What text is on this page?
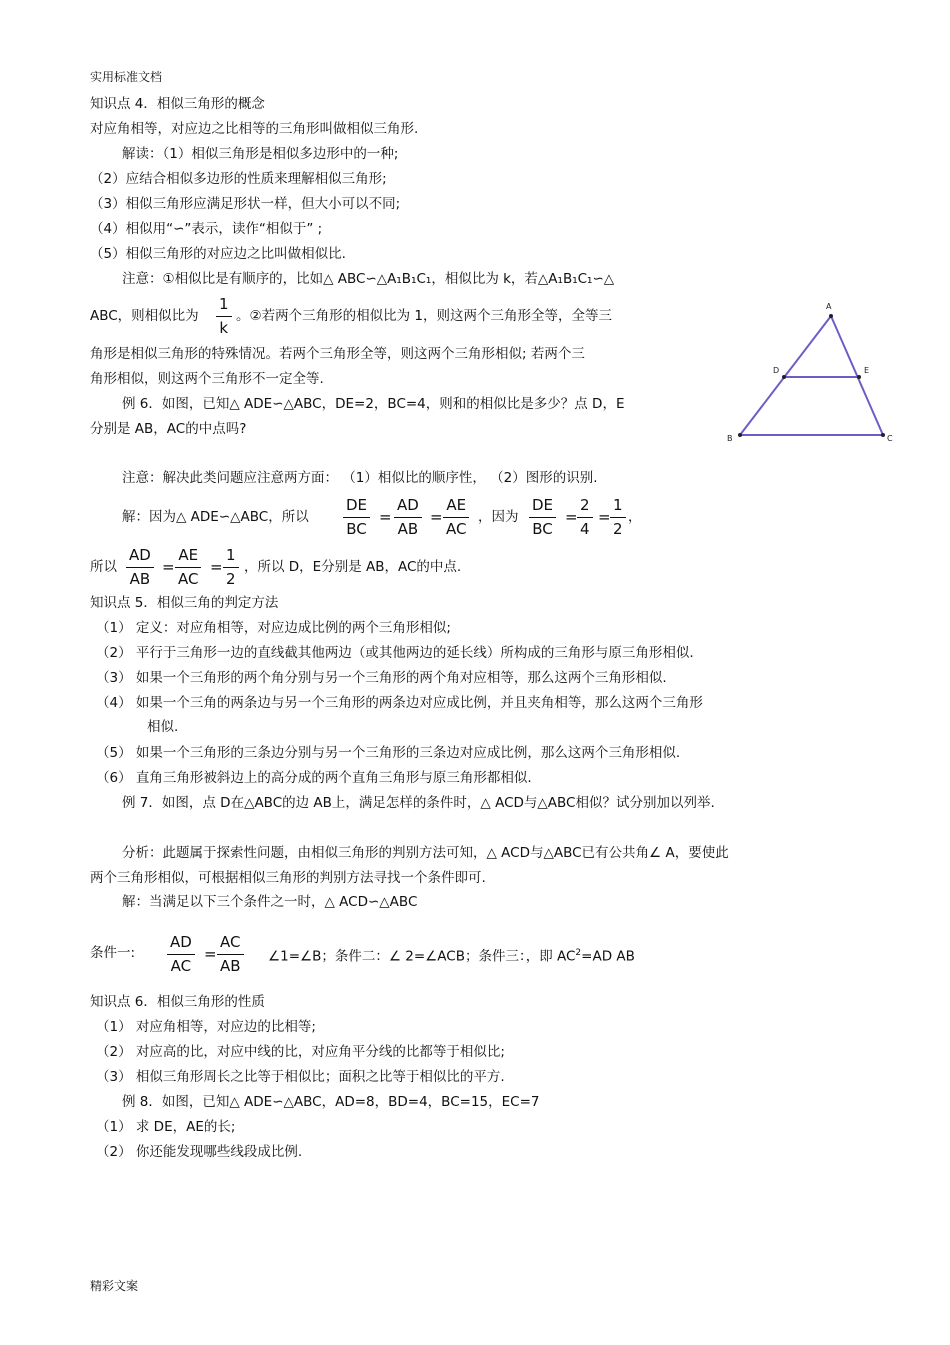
实用标准文档
知识点 4．相似三角形的概念
对应角相等，对应边之比相等的三角形叫做相似三角形.
解读：（1）相似三角形是相似多边形中的一种;
（2）应结合相似多边形的性质来理解相似三角形;
（3）相似三角形应满足形状一样，但大小可以不同;
（4）相似用“∽”表示，读作“相似于” ;
（5）相似三角形的对应边之比叫做相似比.
注意：①相似比是有顺序的，比如△ ABC∽△A₁B₁C₁，相似比为 k，若△A₁B₁C₁∽△
ABC，则相似比为
1
k
。②若两个三角形的相似比为 1，则这两个三角形全等，全等三
角形是相似三角形的特殊情况。若两个三角形全等，则这两个三角形相似; 若两个三
角形相似，则这两个三角形不一定全等.
例 6．如图，已知△ ADE∽△ABC，DE=2，BC=4，则和的相似比是多少？点 D，E
分别是 AB，AC的中点吗?
A
B	C
D	E
注意：解决此类问题应注意两方面： （1）相似比的顺序性， （2）图形的识别.
解：因为△ ADE∽△ABC，所以
DE
BC
=
AD
AB
=
AE
AC
，因为
DE
BC
=
2
4
=
1
2
，
所以
AD
AB
=
AE
AC
=
1
2
，所以 D，E分别是 AB，AC的中点.
知识点 5．相似三角的判定方法
（1） 定义：对应角相等，对应边成比例的两个三角形相似;
（2） 平行于三角形一边的直线截其他两边（或其他两边的延长线）所构成的三角形与原三角形相似.
（3） 如果一个三角形的两个角分别与另一个三角形的两个角对应相等，那么这两个三角形相似.
（4） 如果一个三角的两条边与另一个三角形的两条边对应成比例，并且夹角相等，那么这两个三角形
相似.
（5） 如果一个三角形的三条边分别与另一个三角形的三条边对应成比例，那么这两个三角形相似.
（6） 直角三角形被斜边上的高分成的两个直角三角形与原三角形都相似.
例 7．如图，点 D在△ABC的边 AB上，满足怎样的条件时，△ ACD与△ABC相似？试分别加以列举.
分析：此题属于探索性问题，由相似三角形的判别方法可知，△ ACD与△ABC已有公共角∠ A，要使此
两个三角形相似，可根据相似三角形的判别方法寻找一个条件即可.
解：当满足以下三个条件之一时，△ ACD∽△ABC
条件一:
AD
AC
=
AC
AB
∠1=∠B；条件二：∠ 2=∠ACB；条件三：，即 $AC^2=AD$ AB
知识点 6．相似三角形的性质
（1） 对应角相等，对应边的比相等;
（2） 对应高的比，对应中线的比，对应角平分线的比都等于相似比;
（3） 相似三角形周长之比等于相似比；面积之比等于相似比的平方.
例 8．如图，已知△ ADE∽△ABC，AD=8，BD=4，BC=15，EC=7
（1） 求 DE，AE的长;
（2） 你还能发现哪些线段成比例.
精彩文案
